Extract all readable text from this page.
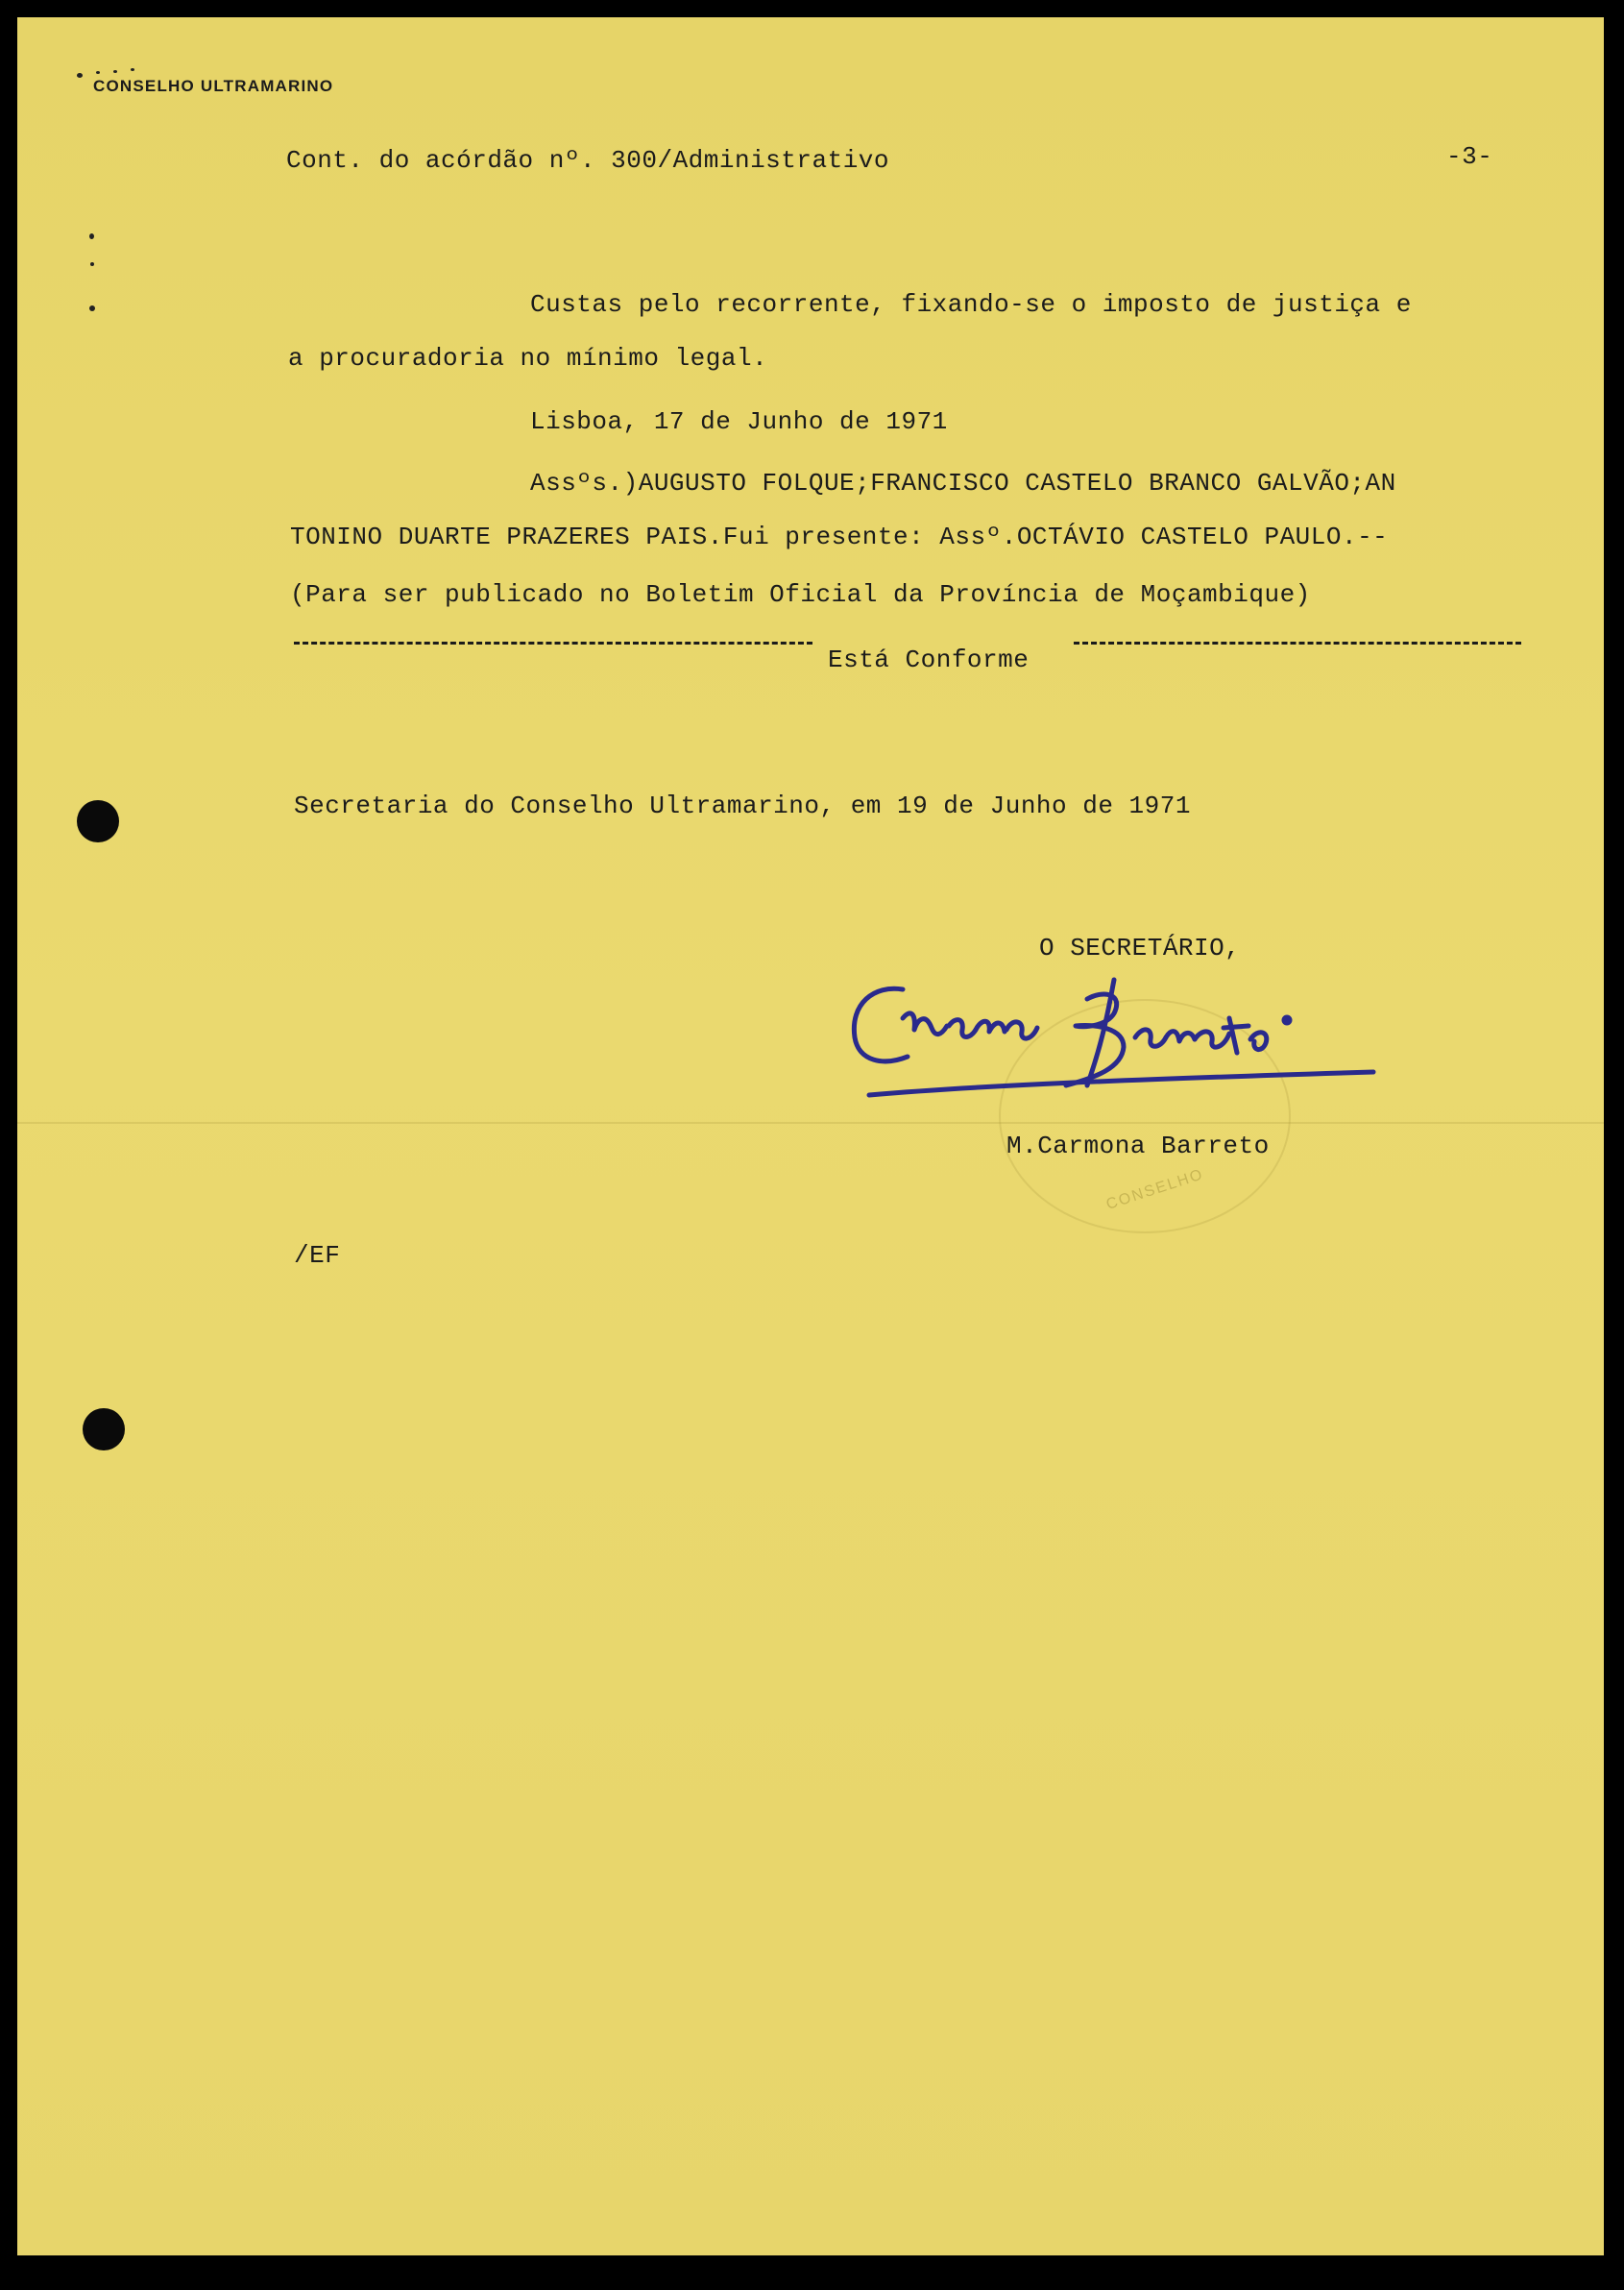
CONSELHO ULTRAMARINO
Cont. do acórdão nº. 300/Administrativo	-3-
Custas pelo recorrente, fixando-se o imposto de justiça e
a procuradoria no mínimo legal.
Lisboa, 17 de Junho de 1971
Assºs.)AUGUSTO FOLQUE;FRANCISCO CASTELO BRANCO GALVÃO;AN
TONINO DUARTE PRAZERES PAIS.Fui presente: Assº.OCTÁVIO CASTELO PAULO.--
(Para ser publicado no Boletim Oficial da Província de Moçambique)
Está Conforme
Secretaria do Conselho Ultramarino, em 19 de Junho de 1971
O SECRETÁRIO,
CONSELHO
M.Carmona Barreto
/EF
